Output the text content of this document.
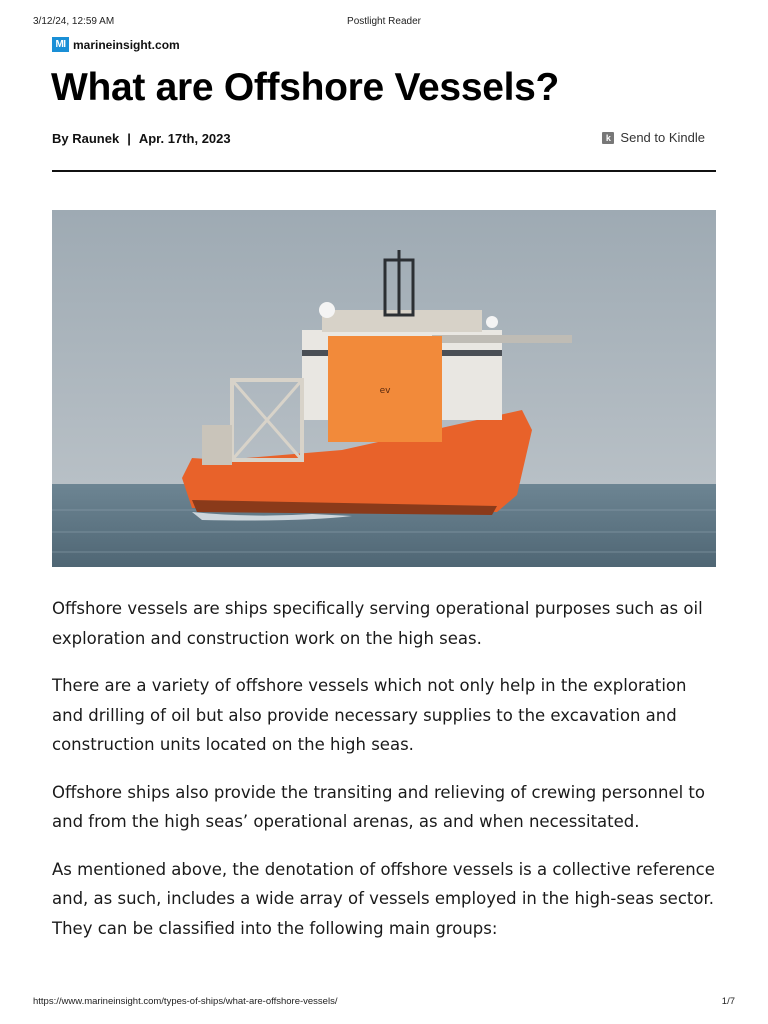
3/12/24, 12:59 AM	Postlight Reader
MI marineinsight.com
What are Offshore Vessels?
By Raunek | Apr. 17th, 2023	k Send to Kindle
ev

Offshore vessels are ships specifically serving operational purposes such as oil exploration and construction work on the high seas.

There are a variety of offshore vessels which not only help in the exploration and drilling of oil but also provide necessary supplies to the excavation and construction units located on the high seas.

Offshore ships also provide the transiting and relieving of crewing personnel to and from the high seas’ operational arenas, as and when necessitated.

As mentioned above, the denotation of offshore vessels is a collective reference and, as such, includes a wide array of vessels employed in the high-seas sector. They can be classified into the following main groups:

https://www.marineinsight.com/types-of-ships/what-are-offshore-vessels/	1/7
